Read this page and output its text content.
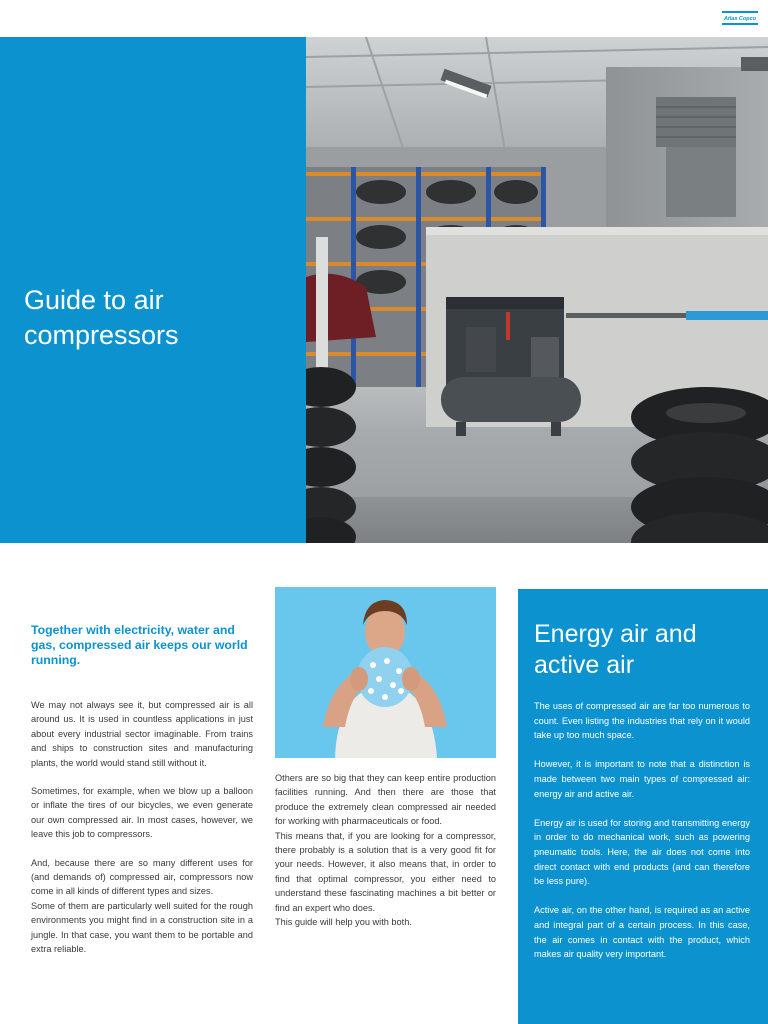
Atlas Copco
Guide to air compressors
Together with electricity, water and gas, compressed air keeps our world running.

We may not always see it, but compressed air is all around us. It is used in countless applications in just about every industrial sector imaginable. From trains and ships to construction sites and manufacturing plants, the world would stand still without it.

Sometimes, for example, when we blow up a balloon or inflate the tires of our bicycles, we even generate our own compressed air. In most cases, however, we leave this job to compressors.

And, because there are so many different uses for (and demands of) compressed air, compressors now come in all kinds of different types and sizes.

Some of them are particularly well suited for the rough environments you might find in a construction site in a jungle. In that case, you want them to be portable and extra reliable.

Others are so big that they can keep entire production facilities running. And then there are those that produce the extremely clean compressed air needed for working with pharmaceuticals or food.

This means that, if you are looking for a compressor, there probably is a solution that is a very good fit for your needs. However, it also means that, in order to find that optimal compressor, you either need to understand these fascinating machines a bit better or find an expert who does.

This guide will help you with both.

Energy air and active air

The uses of compressed air are far too numerous to count. Even listing the industries that rely on it would take up too much space.

However, it is important to note that a distinction is made between two main types of compressed air: energy air and active air.

Energy air is used for storing and transmitting energy in order to do mechanical work, such as powering pneumatic tools. Here, the air does not come into direct contact with end products (and can therefore be less pure).

Active air, on the other hand, is required as an active and integral part of a certain process. In this case, the air comes in contact with the product, which makes air quality very important.
